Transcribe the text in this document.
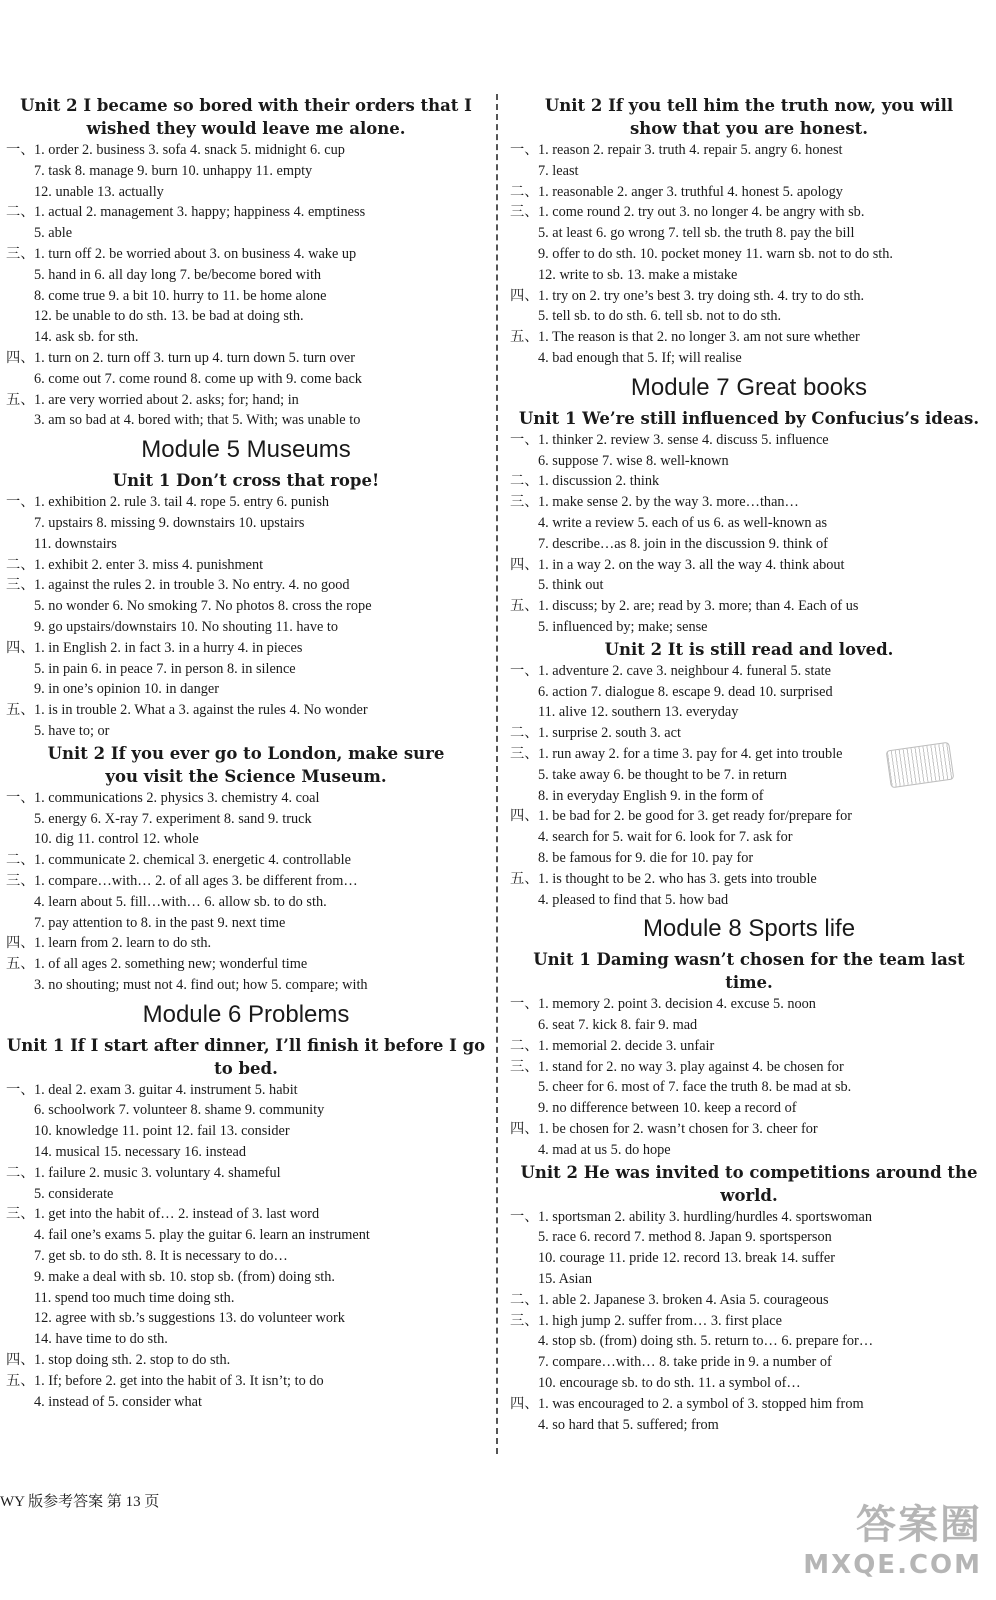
Unit 2 I became so bored with their orders that I
wished they would leave me alone.
一、 1. order 2. business 3. sofa 4. snack 5. midnight 6. cup
7. task 8. manage 9. burn 10. unhappy 11. empty
12. unable 13. actually
二、 1. actual 2. management 3. happy; happiness 4. emptiness
5. able
三、 1. turn off 2. be worried about 3. on business 4. wake up
5. hand in 6. all day long 7. be/become bored with
8. come true 9. a bit 10. hurry to 11. be home alone
12. be unable to do sth. 13. be bad at doing sth.
14. ask sb. for sth.
四、 1. turn on 2. turn off 3. turn up 4. turn down 5. turn over
6. come out 7. come round 8. come up with 9. come back
五、 1. are very worried about 2. asks; for; hand; in
3. am so bad at 4. bored with; that 5. With; was unable to
Module 5 Museums
Unit 1 Don’t cross that rope!
一、 1. exhibition 2. rule 3. tail 4. rope 5. entry 6. punish
7. upstairs 8. missing 9. downstairs 10. upstairs
11. downstairs
二、 1. exhibit 2. enter 3. miss 4. punishment
三、 1. against the rules 2. in trouble 3. No entry. 4. no good
5. no wonder 6. No smoking 7. No photos 8. cross the rope
9. go upstairs/downstairs 10. No shouting 11. have to
四、 1. in English 2. in fact 3. in a hurry 4. in pieces
5. in pain 6. in peace 7. in person 8. in silence
9. in one’s opinion 10. in danger
五、 1. is in trouble 2. What a 3. against the rules 4. No wonder
5. have to; or
Unit 2 If you ever go to London, make sure
you visit the Science Museum.
一、 1. communications 2. physics 3. chemistry 4. coal
5. energy 6. X-ray 7. experiment 8. sand 9. truck
10. dig 11. control 12. whole
二、 1. communicate 2. chemical 3. energetic 4. controllable
三、 1. compare…with… 2. of all ages 3. be different from…
4. learn about 5. fill…with… 6. allow sb. to do sth.
7. pay attention to 8. in the past 9. next time
四、 1. learn from 2. learn to do sth.
五、 1. of all ages 2. something new; wonderful time
3. no shouting; must not 4. find out; how 5. compare; with
Module 6 Problems
Unit 1 If I start after dinner, I’ll finish it before I go to bed.
一、 1. deal 2. exam 3. guitar 4. instrument 5. habit
6. schoolwork 7. volunteer 8. shame 9. community
10. knowledge 11. point 12. fail 13. consider
14. musical 15. necessary 16. instead
二、 1. failure 2. music 3. voluntary 4. shameful
5. considerate
三、 1. get into the habit of… 2. instead of 3. last word
4. fail one’s exams 5. play the guitar 6. learn an instrument
7. get sb. to do sth. 8. It is necessary to do…
9. make a deal with sb. 10. stop sb. (from) doing sth.
11. spend too much time doing sth.
12. agree with sb.’s suggestions 13. do volunteer work
14. have time to do sth.
四、 1. stop doing sth. 2. stop to do sth.
五、 1. If; before 2. get into the habit of 3. It isn’t; to do
4. instead of 5. consider what
Unit 2 If you tell him the truth now, you will
show that you are honest.
一、 1. reason 2. repair 3. truth 4. repair 5. angry 6. honest
7. least
二、 1. reasonable 2. anger 3. truthful 4. honest 5. apology
三、 1. come round 2. try out 3. no longer 4. be angry with sb.
5. at least 6. go wrong 7. tell sb. the truth 8. pay the bill
9. offer to do sth. 10. pocket money 11. warn sb. not to do sth.
12. write to sb. 13. make a mistake
四、 1. try on 2. try one’s best 3. try doing sth. 4. try to do sth.
5. tell sb. to do sth. 6. tell sb. not to do sth.
五、 1. The reason is that 2. no longer 3. am not sure whether
4. bad enough that 5. If; will realise
Module 7 Great books
Unit 1 We’re still influenced by Confucius’s ideas.
一、 1. thinker 2. review 3. sense 4. discuss 5. influence
6. suppose 7. wise 8. well-known
二、 1. discussion 2. think
三、 1. make sense 2. by the way 3. more…than…
4. write a review 5. each of us 6. as well-known as
7. describe…as 8. join in the discussion 9. think of
四、 1. in a way 2. on the way 3. all the way 4. think about
5. think out
五、 1. discuss; by 2. are; read by 3. more; than 4. Each of us
5. influenced by; make; sense
Unit 2 It is still read and loved.
一、 1. adventure 2. cave 3. neighbour 4. funeral 5. state
6. action 7. dialogue 8. escape 9. dead 10. surprised
11. alive 12. southern 13. everyday
二、 1. surprise 2. south 3. act
三、 1. run away 2. for a time 3. pay for 4. get into trouble
5. take away 6. be thought to be 7. in return
8. in everyday English 9. in the form of
四、 1. be bad for 2. be good for 3. get ready for/prepare for
4. search for 5. wait for 6. look for 7. ask for
8. be famous for 9. die for 10. pay for
五、 1. is thought to be 2. who has 3. gets into trouble
4. pleased to find that 5. how bad
Module 8 Sports life
Unit 1 Daming wasn’t chosen for the team last time.
一、 1. memory 2. point 3. decision 4. excuse 5. noon
6. seat 7. kick 8. fair 9. mad
二、 1. memorial 2. decide 3. unfair
三、 1. stand for 2. no way 3. play against 4. be chosen for
5. cheer for 6. most of 7. face the truth 8. be mad at sb.
9. no difference between 10. keep a record of
四、 1. be chosen for 2. wasn’t chosen for 3. cheer for
4. mad at us 5. do hope
Unit 2 He was invited to competitions around the world.
一、 1. sportsman 2. ability 3. hurdling/hurdles 4. sportswoman
5. race 6. record 7. method 8. Japan 9. sportsperson
10. courage 11. pride 12. record 13. break 14. suffer
15. Asian
二、 1. able 2. Japanese 3. broken 4. Asia 5. courageous
三、 1. high jump 2. suffer from… 3. first place
4. stop sb. (from) doing sth. 5. return to… 6. prepare for…
7. compare…with… 8. take pride in 9. a number of
10. encourage sb. to do sth. 11. a symbol of…
四、 1. was encouraged to 2. a symbol of 3. stopped him from
4. so hard that 5. suffered; from
WY 版参考答案 第 13 页	答案圈
MXQE.COM
